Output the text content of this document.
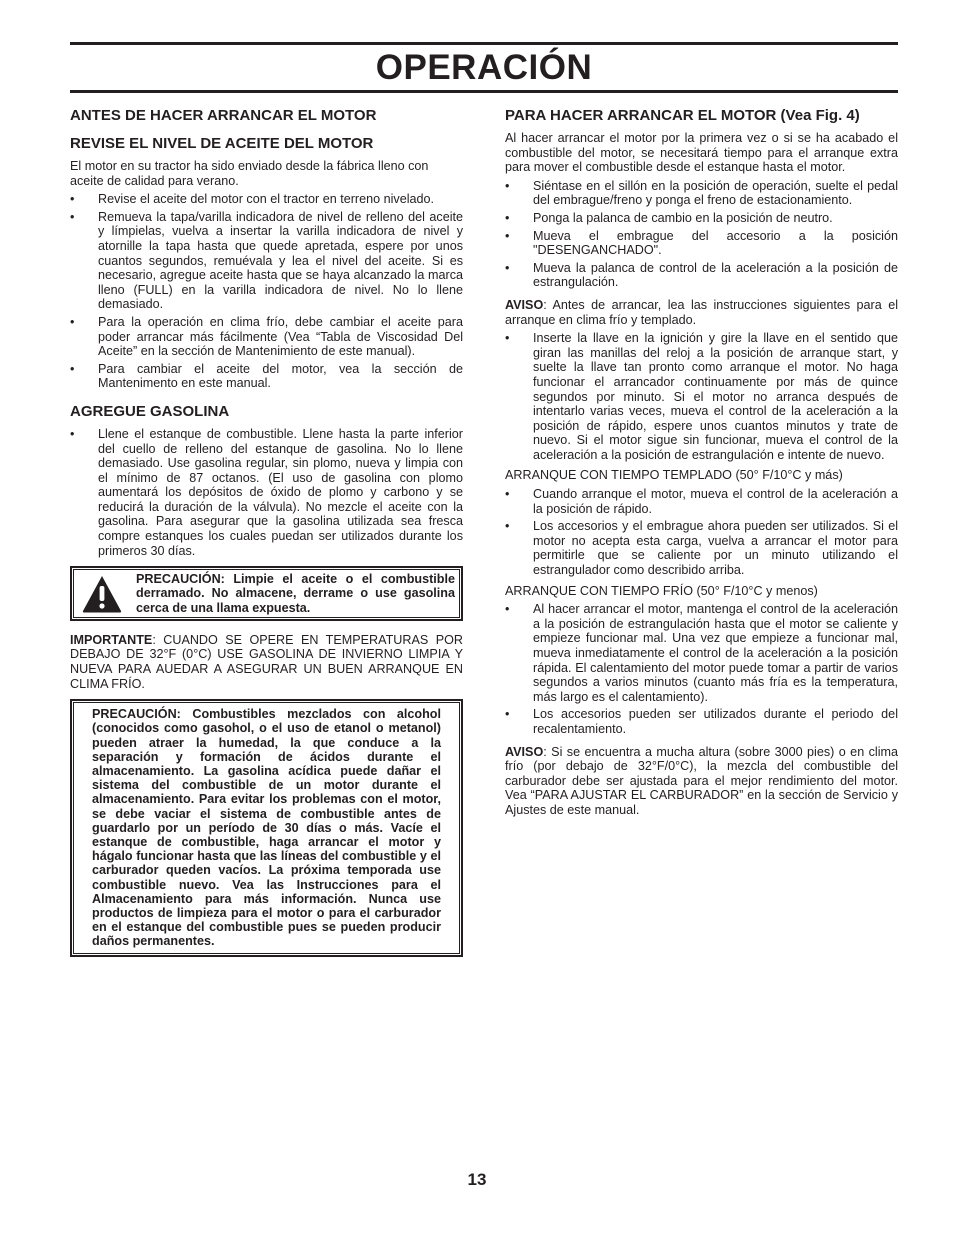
OPERACIÓN
ANTES DE HACER ARRANCAR EL MOTOR
REVISE EL NIVEL DE ACEITE DEL MOTOR

El motor en su tractor ha sido enviado desde la fábrica lleno con aceite de calidad para verano.

• Revise el aceite del motor con el tractor en terreno nivelado.
• Remueva la tapa/varilla indicadora de nivel de relleno del aceite y límpielas, vuelva a insertar la varilla indicadora de nivel y atornille la tapa hasta que quede apretada, espere por unos cuantos segundos, remuévala y lea el nivel del aceite. Si es necesario, agregue aceite hasta que se haya alcanzado la marca lleno (FULL) en la varilla indicadora de nivel. No lo llene demasiado.
• Para la operación en clima frío, debe cambiar el aceite para poder arrancar más fácilmente (Vea “Tabla de Viscosidad Del Aceite” en la sección de Mantenimiento de este manual).
• Para cambiar el aceite del motor, vea la sección de Mantenimento en este manual.
AGREGUE GASOLINA
• Llene el estanque de combustible. Llene hasta la parte inferior del cuello de relleno del estanque de gasolina. No lo llene demasiado. Use gasolina regular, sin plomo, nueva y limpia con el mínimo de 87 octanos. (El uso de gasolina con plomo aumentará los depósitos de óxido de plomo y carbono y se reducirá la duración de la válvula). No mezcle el aceite con la gasolina. Para asegurar que la gasolina utilizada sea fresca compre estanques los cuales puedan ser utilizados durante los primeros 30 días.
PRECAUCIÓN: Limpie el aceite o el combustible derramado. No almacene, derrame o use gasolina cerca de una llama expuesta.

IMPORTANTE: CUANDO SE OPERE EN TEMPERATURAS POR DEBAJO DE 32°F (0°C) USE GASOLINA DE INVIERNO LIMPIA Y NUEVA PARA AUEDAR A ASEGURAR UN BUEN ARRANQUE EN CLIMA FRÍO.

PRECAUCIÓN: Combustibles mezclados con alcohol (conocidos como gasohol, o el uso de etanol o metanol) pueden atraer la humedad, la que conduce a la separación y formación de ácidos durante el almacenamiento. La gasolina acídica puede dañar el sistema del combustible de un motor durante el almacenamiento. Para evitar los problemas con el motor, se debe vaciar el sistema de combustible antes de guardarlo por un período de 30 días o más. Vacíe el estanque de combustible, haga arrancar el motor y hágalo funcionar hasta que las líneas del combustible y el carburador queden vacíos. La próxima temporada use combustible nuevo. Vea las Instrucciones para el Almacenamiento para más información. Nunca use productos de limpieza para el motor o para el carburador en el estanque del combustible pues se pueden producir daños permanentes.
PARA HACER ARRANCAR EL MOTOR (Vea Fig. 4)

Al hacer arrancar el motor por la primera vez o si se ha acabado el combustible del motor, se necesitará tiempo para el arranque extra para mover el combustible desde el estanque hasta el motor.

• Siéntase en el sillón en la posición de operación, suelte el pedal del embrague/freno y ponga el freno de estacionamiento.
• Ponga la palanca de cambio en la posición de neutro.
• Mueva el embrague del accesorio a la posición "DESENGANCHADO".
• Mueva la palanca de control de la aceleración a la posición de estrangulación.

AVISO: Antes de arrancar, lea las instrucciones siguientes para el arranque en clima frío y templado.

• Inserte la llave en la ignición y gire la llave en el sentido que giran las manillas del reloj a la posición de arranque start, y suelte la llave tan pronto como arranque el motor. No haga funcionar el arrancador continuamente por más de quince segundos por minuto. Si el motor no arranca después de intentarlo varias veces, mueva el control de la aceleración a la posición de rápido, espere unos cuantos minutos y trate de nuevo. Si el motor sigue sin funcionar, mueva el control de la aceleración a la posición de estrangulación e intente de nuevo.

ARRANQUE CON TIEMPO TEMPLADO (50° F/10°C y más)

• Cuando arranque el motor, mueva el control de la aceleración a la posición de rápido.
• Los accesorios y el embrague ahora pueden ser utilizados. Si el motor no acepta esta carga, vuelva a arrancar el motor para permitirle que se caliente por un minuto utilizando el estrangulador como describido arriba.

ARRANQUE CON TIEMPO FRÍO (50° F/10°C y menos)

• Al hacer arrancar el motor, mantenga el control de la aceleración a la posición de estrangulación hasta que el motor se caliente y empieze funcionar mal. Una vez que empieze a funcionar mal, mueva inmediatamente el control de la aceleración a la posición rápida. El calentamiento del motor puede tomar a partir de varios segundos a varios minutos (cuanto más fría es la temperatura, más largo es el calentamiento).
• Los accesorios pueden ser utilizados durante el periodo del recalentamiento.

AVISO: Si se encuentra a mucha altura (sobre 3000 pies) o en clima frío (por debajo de 32°F/0°C), la mezcla del combustible del carburador debe ser ajustada para el mejor rendimiento del motor. Vea “PARA AJUSTAR EL CARBURADOR” en la sección de Servicio y Ajustes de este manual.

13
